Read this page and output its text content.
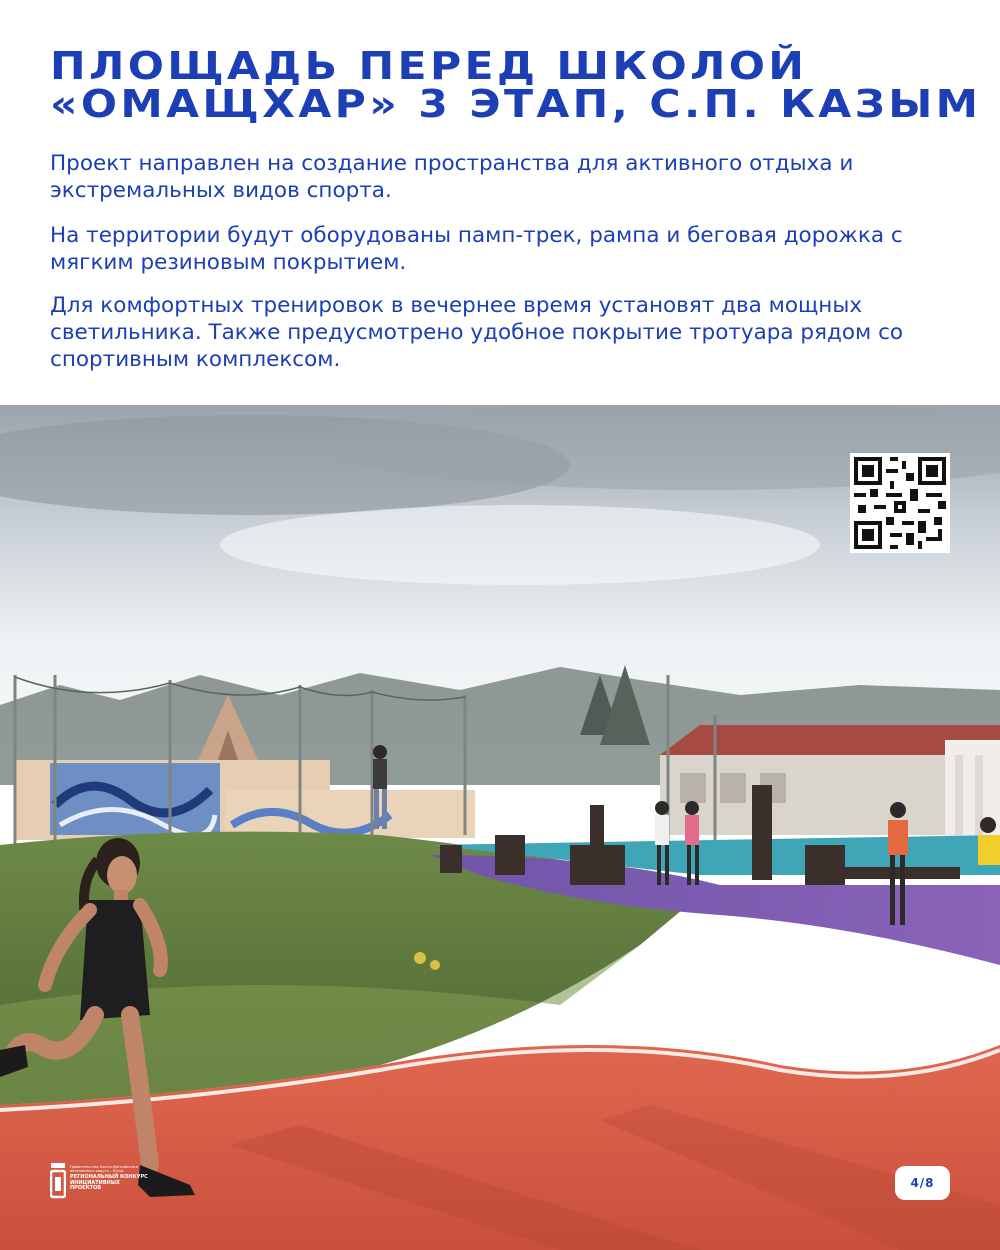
ПЛОЩАДЬ ПЕРЕД ШКОЛОЙ
«ОМАЩХАР» 3 ЭТАП, С.П. КАЗЫМ

Проект направлен на создание пространства для активного отдыха и экстремальных видов спорта.

На территории будут оборудованы памп-трек, рампа и беговая дорожка с мягким резиновым покрытием.

Для комфортных тренировок в вечернее время установят два мощных светильника. Также предусмотрено удобное покрытие тротуара рядом со спортивным комплексом.

Правительство Ханты-Мансийского автономного округа – Югры
РЕГИОНАЛЬНЫЙ КОНКУРС ИНИЦИАТИВНЫХ ПРОЕКТОВ	4/8
